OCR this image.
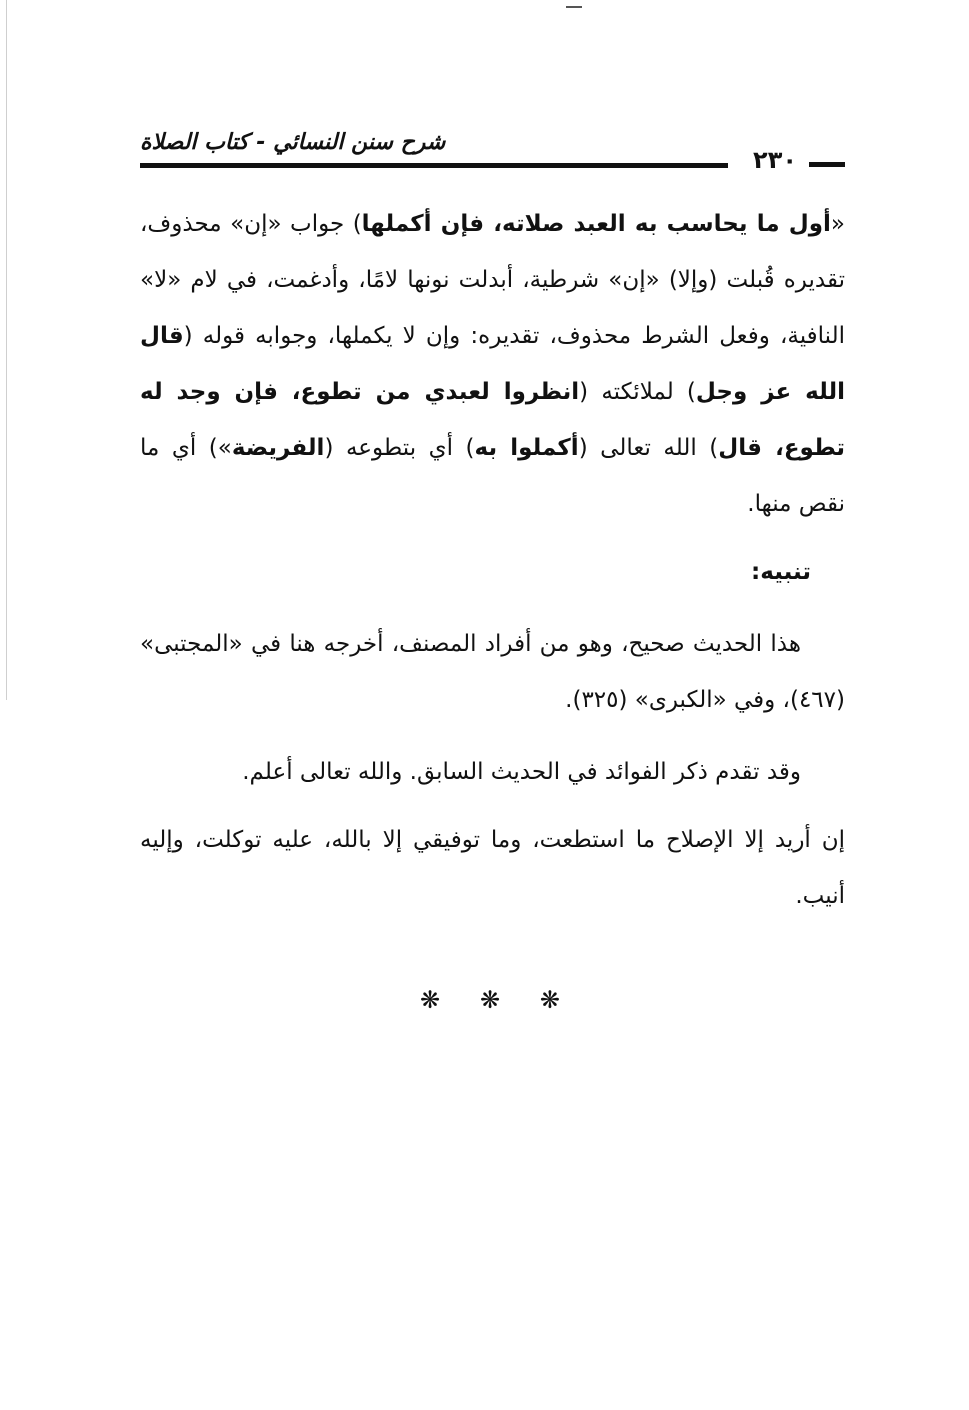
شرح سنن النسائي - كتاب الصلاة
٢٣٠

«أول ما يحاسب به العبد صلاته، فإن أكملها) جواب «إن» محذوف، تقديره قُبلت (وإلا) «إن» شرطية، أبدلت نونها لامًا، وأدغمت، في لام «لا» النافية، وفعل الشرط محذوف، تقديره: وإن لا يكملها، وجوابه قوله (قال الله عز وجل) لملائكته (انظروا لعبدي من تطوع، فإن وجد له تطوع، قال) الله تعالى (أكملوا به) أي بتطوعه (الفريضة») أي ما نقص منها.

تنبيه:

هذا الحديث صحيح، وهو من أفراد المصنف، أخرجه هنا في «المجتبى» (٤٦٧)، وفي «الكبرى» (٣٢٥).

وقد تقدم ذكر الفوائد في الحديث السابق. والله تعالى أعلم.

إن أريد إلا الإصلاح ما استطعت، وما توفيقي إلا بالله، عليه توكلت، وإليه أنيب.

❋ ❋ ❋
